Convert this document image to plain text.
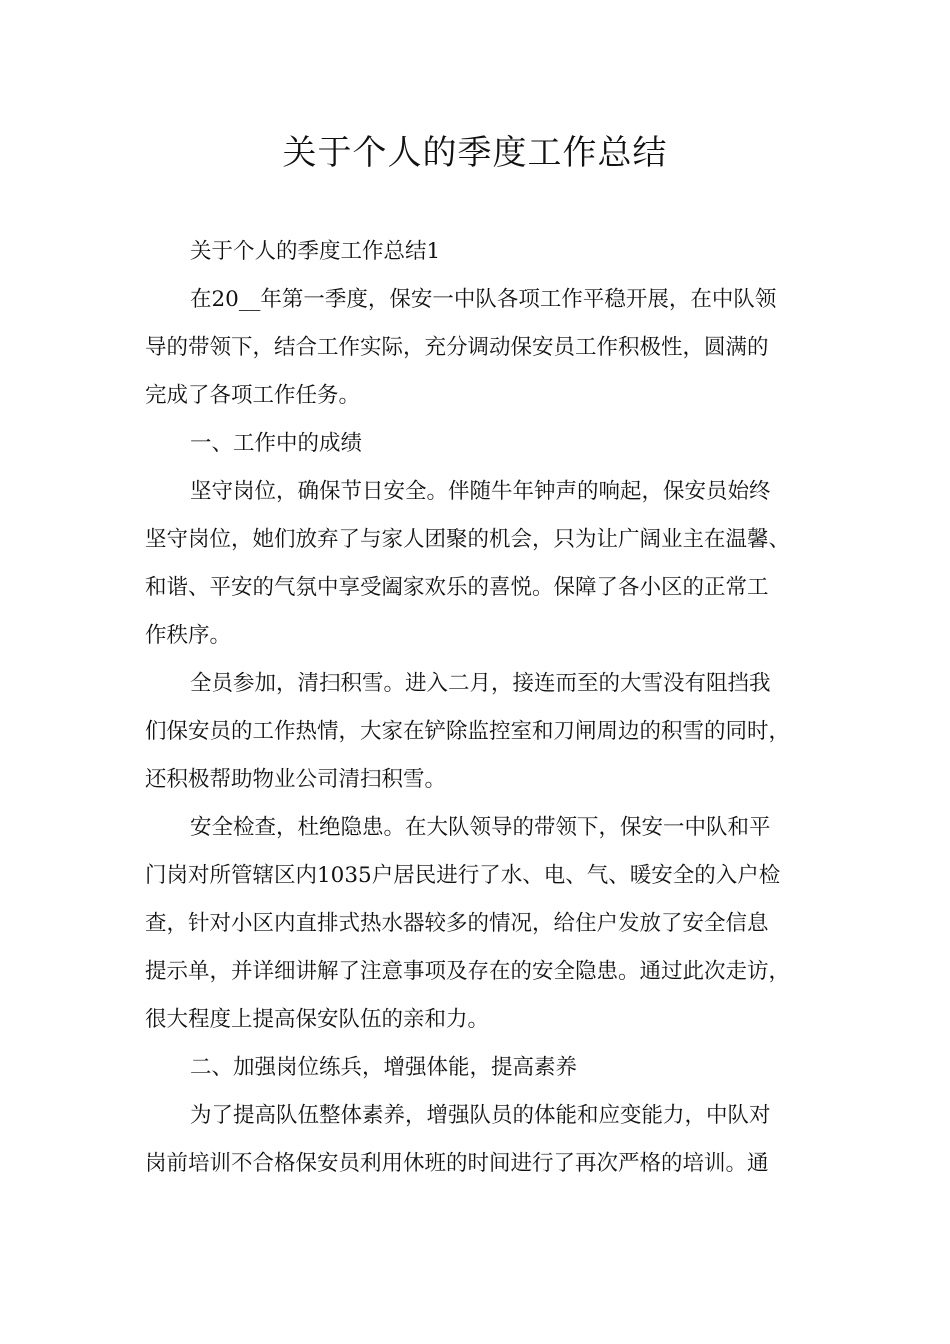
关于个人的季度工作总结
关于个人的季度工作总结1
在20__年第一季度，保安一中队各项工作平稳开展，在中队领
导的带领下，结合工作实际，充分调动保安员工作积极性，圆满的
完成了各项工作任务。
一、工作中的成绩
坚守岗位，确保节日安全。伴随牛年钟声的响起，保安员始终
坚守岗位，她们放弃了与家人团聚的机会，只为让广阔业主在温馨、
和谐、平安的气氛中享受阖家欢乐的喜悦。保障了各小区的正常工
作秩序。
全员参加，清扫积雪。进入二月，接连而至的大雪没有阻挡我
们保安员的工作热情，大家在铲除监控室和刀闸周边的积雪的同时，
还积极帮助物业公司清扫积雪。
安全检查，杜绝隐患。在大队领导的带领下，保安一中队和平
门岗对所管辖区内1035户居民进行了水、电、气、暖安全的入户检
查，针对小区内直排式热水器较多的情况，给住户发放了安全信息
提示单，并详细讲解了注意事项及存在的安全隐患。通过此次走访，
很大程度上提高保安队伍的亲和力。
二、加强岗位练兵，增强体能，提高素养
为了提高队伍整体素养，增强队员的体能和应变能力，中队对
岗前培训不合格保安员利用休班的时间进行了再次严格的培训。通
